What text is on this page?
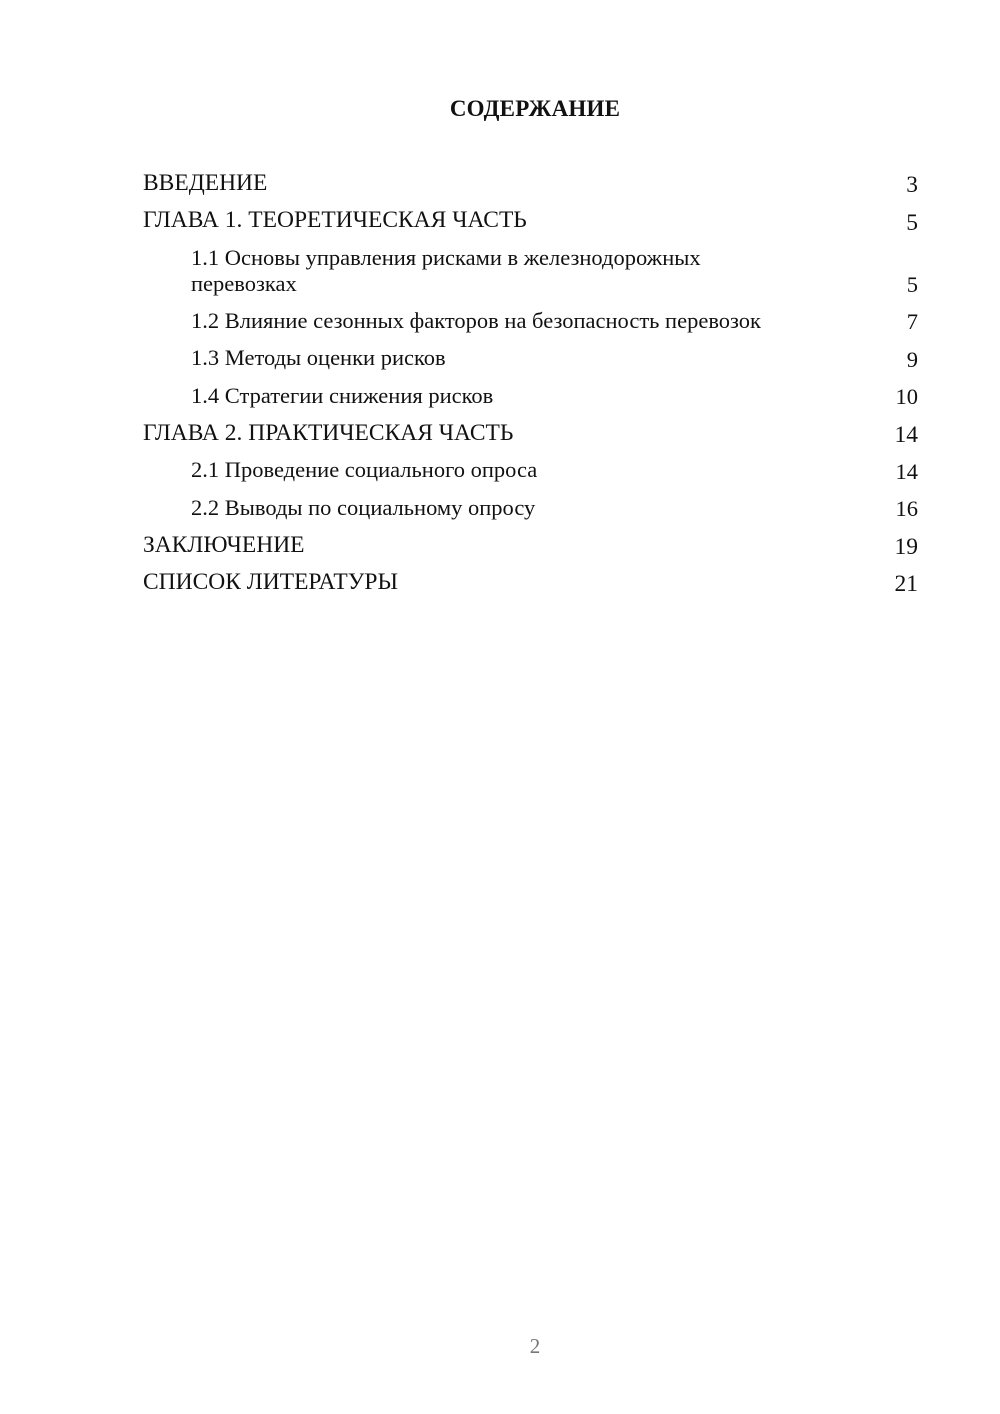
СОДЕРЖАНИЕ
ВВЕДЕНИЕ	3
ГЛАВА 1. ТЕОРЕТИЧЕСКАЯ ЧАСТЬ	5
1.1 Основы управления рисками в железнодорожных перевозках	5
1.2 Влияние сезонных факторов на безопасность перевозок	7
1.3 Методы оценки рисков	9
1.4 Стратегии снижения рисков	10
ГЛАВА 2. ПРАКТИЧЕСКАЯ ЧАСТЬ	14
2.1 Проведение социального опроса	14
2.2 Выводы по социальному опросу	16
ЗАКЛЮЧЕНИЕ	19
СПИСОК ЛИТЕРАТУРЫ	21
2
